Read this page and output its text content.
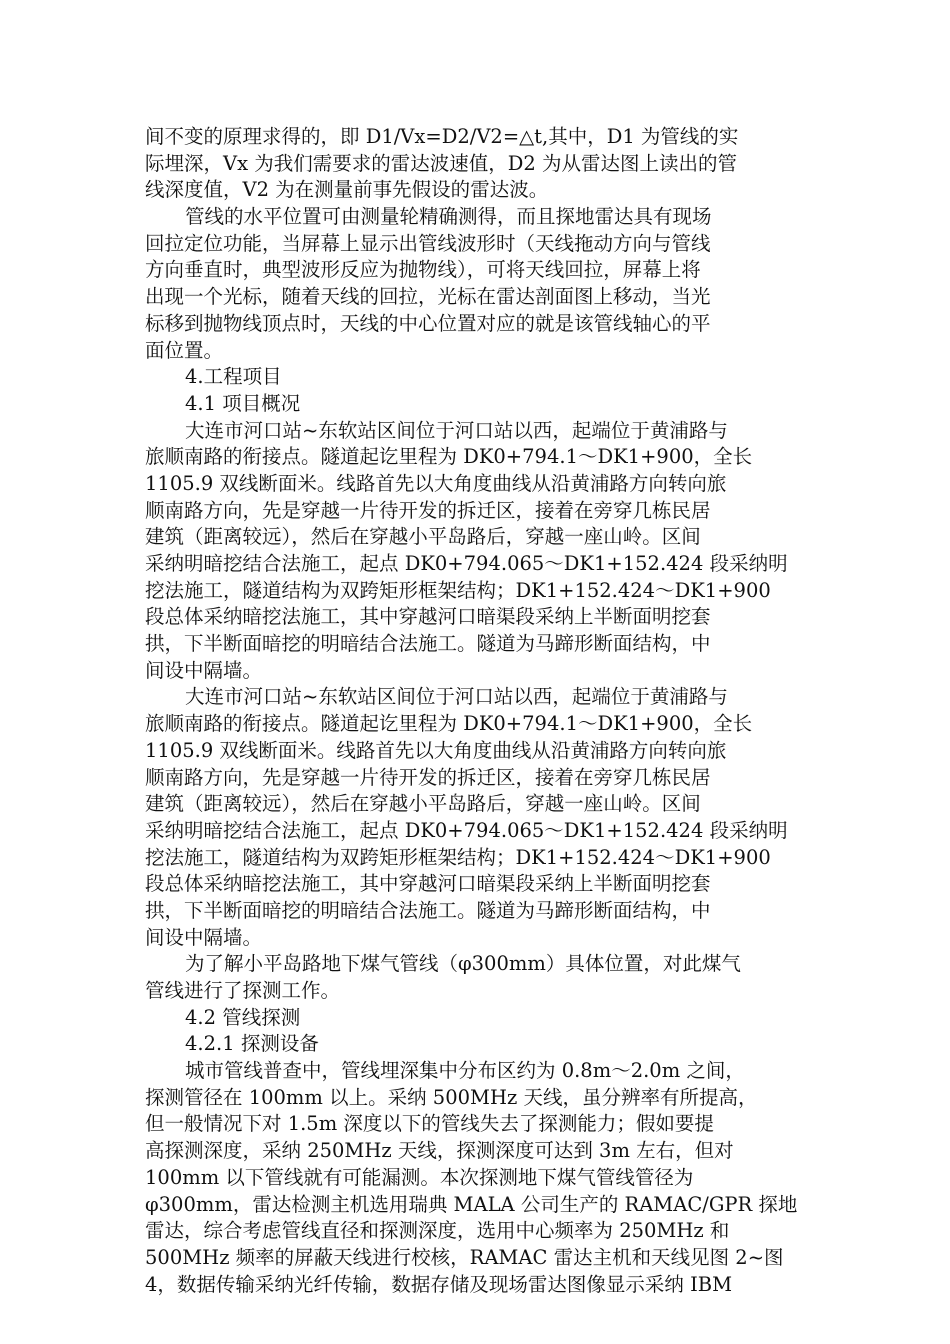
间不变的原理求得的，即 D1/Vx=D2/V2=△t,其中，D1 为管线的实
际埋深，Vx 为我们需要求的雷达波速值，D2 为从雷达图上读出的管
线深度值，V2 为在测量前事先假设的雷达波。
管线的水平位置可由测量轮精确测得，而且探地雷达具有现场
回拉定位功能，当屏幕上显示出管线波形时（天线拖动方向与管线
方向垂直时，典型波形反应为抛物线），可将天线回拉，屏幕上将
出现一个光标，随着天线的回拉，光标在雷达剖面图上移动，当光
标移到抛物线顶点时，天线的中心位置对应的就是该管线轴心的平
面位置。
4.工程项目
4.1 项目概况
大连市河口站~东软站区间位于河口站以西，起端位于黄浦路与
旅顺南路的衔接点。隧道起讫里程为 DK0+794.1～DK1+900，全长
1105.9 双线断面米。线路首先以大角度曲线从沿黄浦路方向转向旅
顺南路方向，先是穿越一片待开发的拆迁区，接着在旁穿几栋民居
建筑（距离较远），然后在穿越小平岛路后，穿越一座山岭。区间
采纳明暗挖结合法施工，起点 DK0+794.065～DK1+152.424 段采纳明
挖法施工，隧道结构为双跨矩形框架结构；DK1+152.424～DK1+900
段总体采纳暗挖法施工，其中穿越河口暗渠段采纳上半断面明挖套
拱，下半断面暗挖的明暗结合法施工。隧道为马蹄形断面结构，中
间设中隔墙。
大连市河口站~东软站区间位于河口站以西，起端位于黄浦路与
旅顺南路的衔接点。隧道起讫里程为 DK0+794.1～DK1+900，全长
1105.9 双线断面米。线路首先以大角度曲线从沿黄浦路方向转向旅
顺南路方向，先是穿越一片待开发的拆迁区，接着在旁穿几栋民居
建筑（距离较远），然后在穿越小平岛路后，穿越一座山岭。区间
采纳明暗挖结合法施工，起点 DK0+794.065～DK1+152.424 段采纳明
挖法施工，隧道结构为双跨矩形框架结构；DK1+152.424～DK1+900
段总体采纳暗挖法施工，其中穿越河口暗渠段采纳上半断面明挖套
拱，下半断面暗挖的明暗结合法施工。隧道为马蹄形断面结构，中
间设中隔墙。
为了解小平岛路地下煤气管线（φ300mm）具体位置，对此煤气
管线进行了探测工作。
4.2 管线探测
4.2.1 探测设备
城市管线普查中，管线埋深集中分布区约为 0.8m～2.0m 之间，
探测管径在 100mm 以上。采纳 500MHz 天线，虽分辨率有所提高，
但一般情况下对 1.5m 深度以下的管线失去了探测能力；假如要提
高探测深度，采纳 250MHz 天线，探测深度可达到 3m 左右，但对
100mm 以下管线就有可能漏测。本次探测地下煤气管线管径为
φ300mm，雷达检测主机选用瑞典 MALA 公司生产的 RAMAC/GPR 探地
雷达，综合考虑管线直径和探测深度，选用中心频率为 250MHz 和
500MHz 频率的屏蔽天线进行校核，RAMAC 雷达主机和天线见图 2~图
4，数据传输采纳光纤传输，数据存储及现场雷达图像显示采纳 IBM
